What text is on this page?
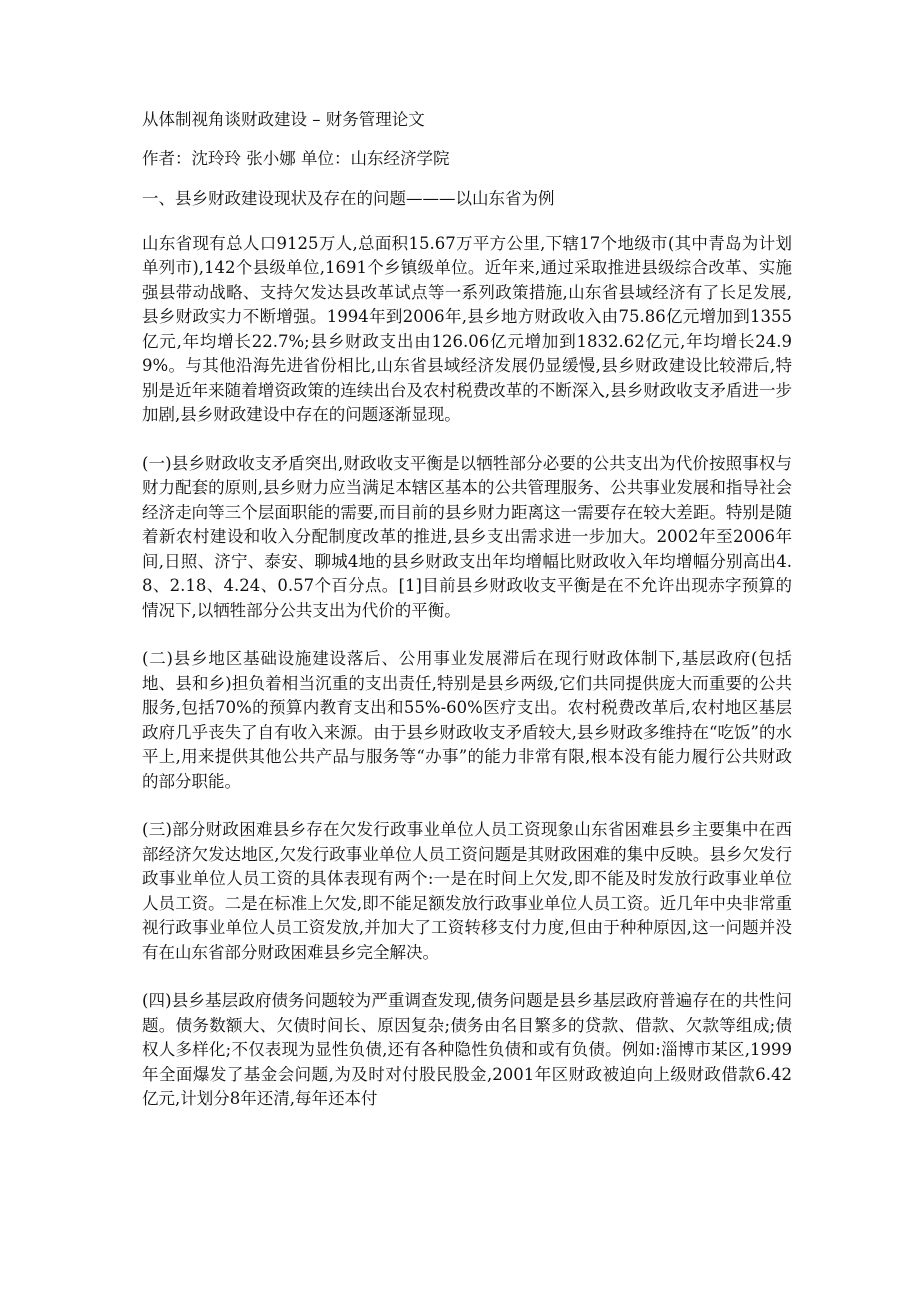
从体制视角谈财政建设 – 财务管理论文

作者：沈玲玲 张小娜 单位：山东经济学院

一、县乡财政建设现状及存在的问题———以山东省为例

山东省现有总人口9125万人,总面积15.67万平方公里,下辖17个地级市(其中青岛为计划单列市),142个县级单位,1691个乡镇级单位。近年来,通过采取推进县级综合改革、实施强县带动战略、支持欠发达县改革试点等一系列政策措施,山东省县域经济有了长足发展,县乡财政实力不断增强。1994年到2006年,县乡地方财政收入由75.86亿元增加到1355亿元,年均增长22.7%;县乡财政支出由126.06亿元增加到1832.62亿元,年均增长24.99%。与其他沿海先进省份相比,山东省县域经济发展仍显缓慢,县乡财政建设比较滞后,特别是近年来随着增资政策的连续出台及农村税费改革的不断深入,县乡财政收支矛盾进一步加剧,县乡财政建设中存在的问题逐渐显现。

(一)县乡财政收支矛盾突出,财政收支平衡是以牺牲部分必要的公共支出为代价按照事权与财力配套的原则,县乡财力应当满足本辖区基本的公共管理服务、公共事业发展和指导社会经济走向等三个层面职能的需要,而目前的县乡财力距离这一需要存在较大差距。特别是随着新农村建设和收入分配制度改革的推进,县乡支出需求进一步加大。2002年至2006年间,日照、济宁、泰安、聊城4地的县乡财政支出年均增幅比财政收入年均增幅分别高出4.8、2.18、4.24、0.57个百分点。[1]目前县乡财政收支平衡是在不允许出现赤字预算的情况下,以牺牲部分公共支出为代价的平衡。

(二)县乡地区基础设施建设落后、公用事业发展滞后在现行财政体制下,基层政府(包括地、县和乡)担负着相当沉重的支出责任,特别是县乡两级,它们共同提供庞大而重要的公共服务,包括70%的预算内教育支出和55%-60%医疗支出。农村税费改革后,农村地区基层政府几乎丧失了自有收入来源。由于县乡财政收支矛盾较大,县乡财政多维持在“吃饭”的水平上,用来提供其他公共产品与服务等“办事”的能力非常有限,根本没有能力履行公共财政的部分职能。

(三)部分财政困难县乡存在欠发行政事业单位人员工资现象山东省困难县乡主要集中在西部经济欠发达地区,欠发行政事业单位人员工资问题是其财政困难的集中反映。县乡欠发行政事业单位人员工资的具体表现有两个:一是在时间上欠发,即不能及时发放行政事业单位人员工资。二是在标准上欠发,即不能足额发放行政事业单位人员工资。近几年中央非常重视行政事业单位人员工资发放,并加大了工资转移支付力度,但由于种种原因,这一问题并没有在山东省部分财政困难县乡完全解决。

(四)县乡基层政府债务问题较为严重调查发现,债务问题是县乡基层政府普遍存在的共性问题。债务数额大、欠债时间长、原因复杂;债务由名目繁多的贷款、借款、欠款等组成;债权人多样化;不仅表现为显性负债,还有各种隐性负债和或有负债。例如:淄博市某区,1999年全面爆发了基金会问题,为及时对付股民股金,2001年区财政被迫向上级财政借款6.42亿元,计划分8年还清,每年还本付
